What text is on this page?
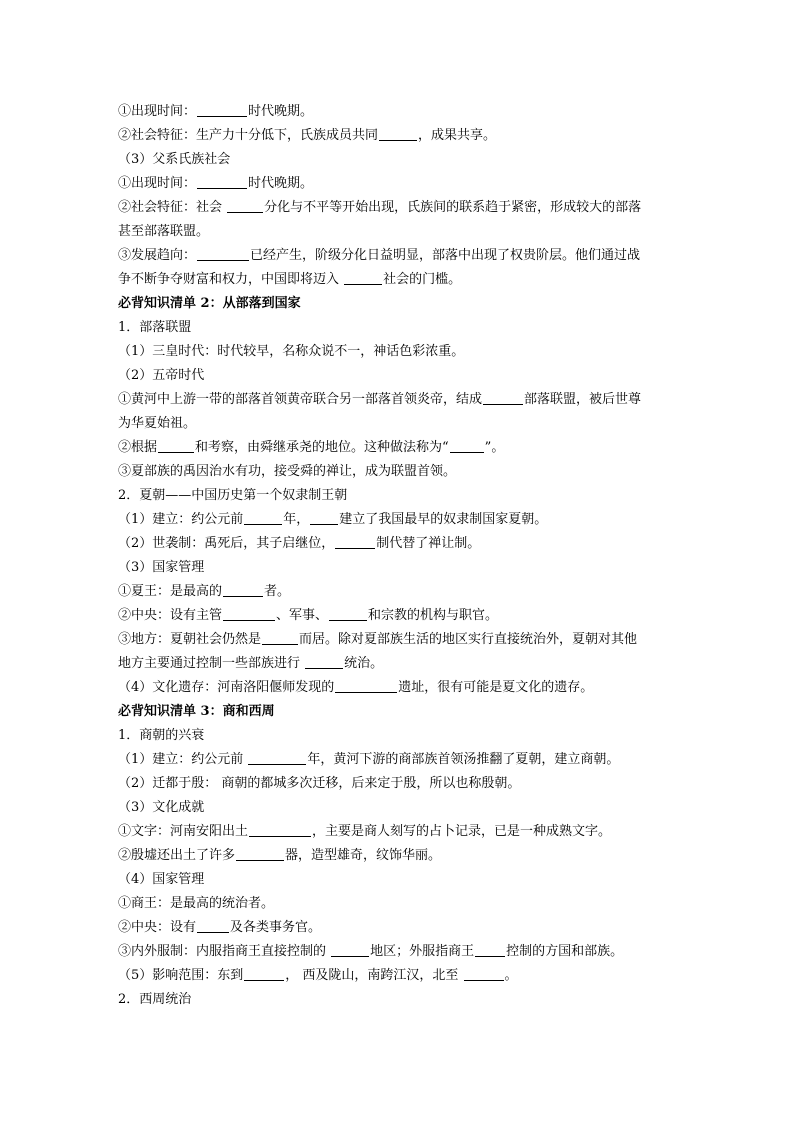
①出现时间：	时代晚期。
②社会特征：生产力十分低下，氏族成员共同	，成果共享。
（3）父系氏族社会
①出现时间：	时代晚期。
②社会特征：社会	分化与不平等开始出现，氏族间的联系趋于紧密，形成较大的部落
甚至部落联盟。
③发展趋向：	已经产生，阶级分化日益明显，部落中出现了权贵阶层。他们通过战
争不断争夺财富和权力，中国即将迈入	社会的门槛。
必背知识清单 2：从部落到国家
1．部落联盟
（1）三皇时代：时代较早，名称众说不一，神话色彩浓重。
（2）五帝时代
①黄河中上游一带的部落首领黄帝联合另一部落首领炎帝，结成	部落联盟，被后世尊
为华夏始祖。
②根据	和考察，由舜继承尧的地位。这种做法称为“	”。
③夏部族的禹因治水有功，接受舜的禅让，成为联盟首领。
2．夏朝——中国历史第一个奴隶制王朝
（1）建立：约公元前	年， 建立了我国最早的奴隶制国家夏朝。
（2）世袭制：禹死后，其子启继位，	制代替了禅让制。
（3）国家管理
①夏王：是最高的	者。
②中央：设有主管	、军事、	和宗教的机构与职官。
③地方：夏朝社会仍然是	而居。除对夏部族生活的地区实行直接统治外，夏朝对其他
地方主要通过控制一些部族进行	统治。
（4）文化遗存：河南洛阳偃师发现的	遗址，很有可能是夏文化的遗存。
必背知识清单 3：商和西周
1．商朝的兴衰
（1）建立：约公元前	年，黄河下游的商部族首领汤推翻了夏朝，建立商朝。
（2）迁都于殷： 商朝的都城多次迁移，后来定于殷，所以也称殷朝。
（3）文化成就
①文字：河南安阳出土	，主要是商人刻写的占卜记录，已是一种成熟文字。
②殷墟还出土了许多	器，造型雄奇，纹饰华丽。
（4）国家管理
①商王：是最高的统治者。
②中央：设有	及各类事务官。
③内外服制：内服指商王直接控制的	地区；外服指商王 控制的方国和部族。
（5）影响范围：东到	， 西及陇山，南跨江汉，北至	。
2．西周统治
